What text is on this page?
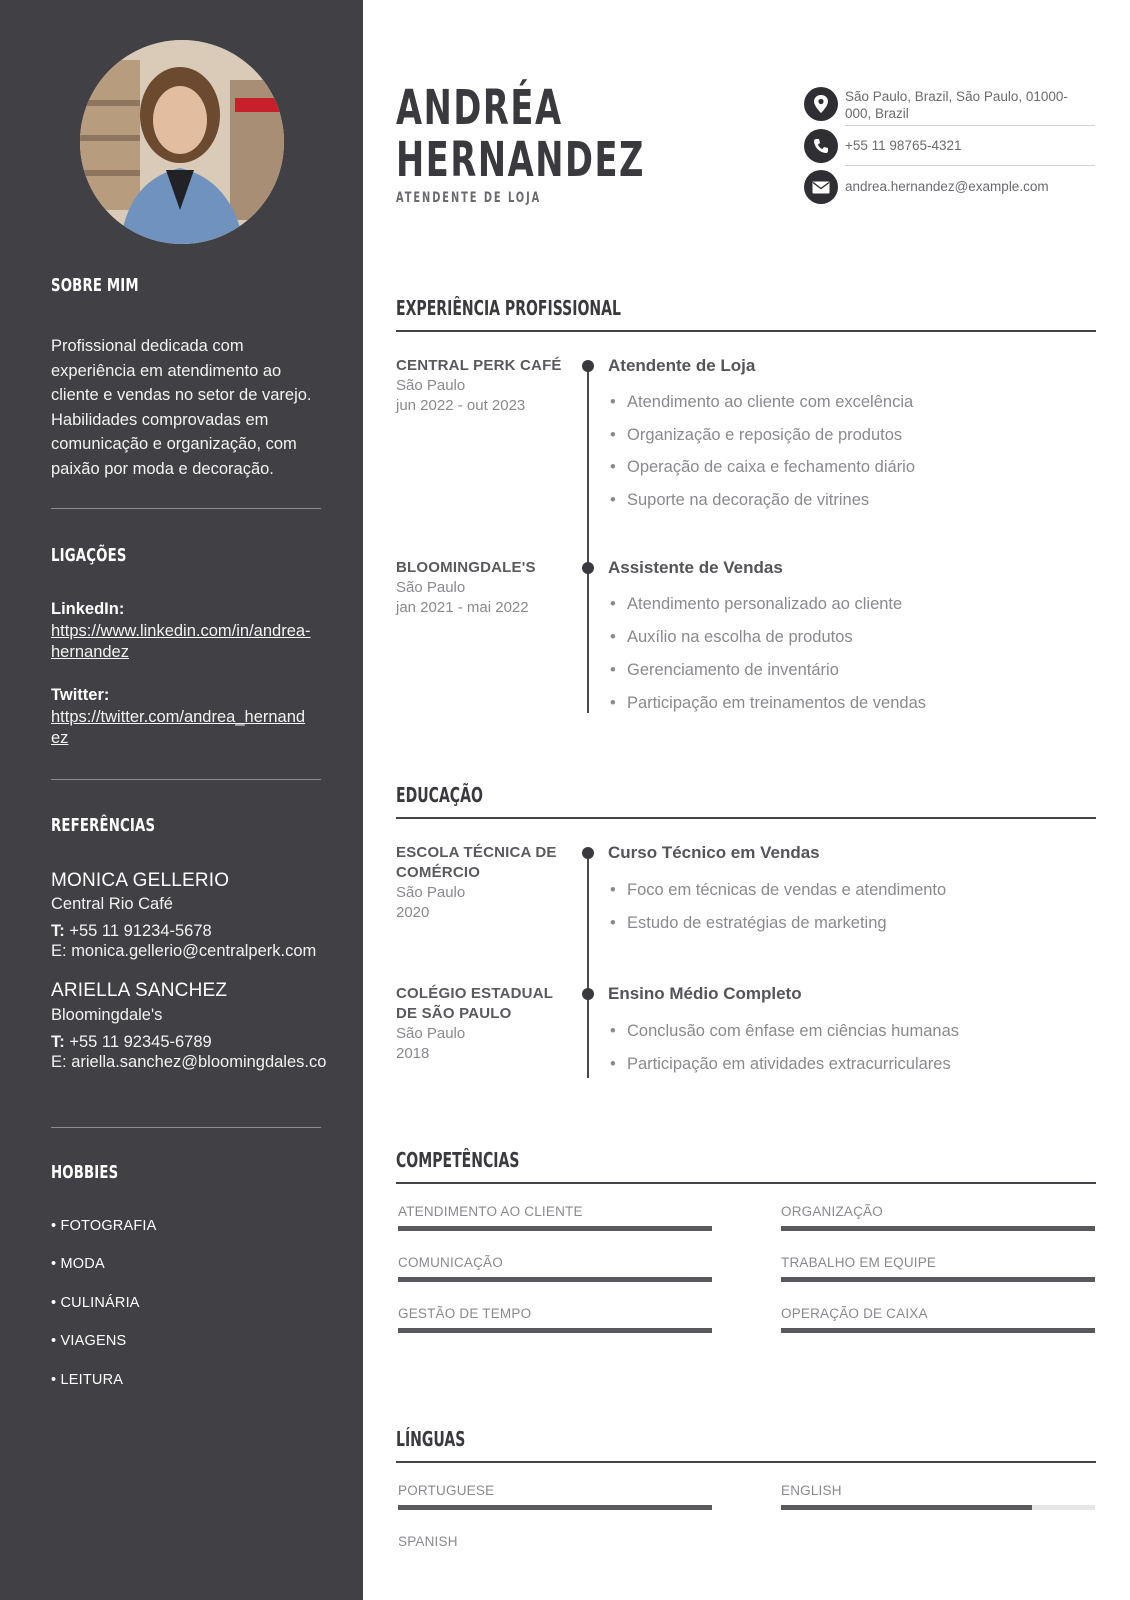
SOBRE MIM
Profissional dedicada com experiência em atendimento ao cliente e vendas no setor de varejo. Habilidades comprovadas em comunicação e organização, com paixão por moda e decoração.
LIGAÇÕES
LinkedIn:
https://www.linkedin.com/in/andrea-hernandez
Twitter:
https://twitter.com/andrea_hernandez
REFERÊNCIAS
MONICA GELLERIO
Central Rio Café
T: +55 11 91234-5678
E: monica.gellerio@centralperk.com
ARIELLA SANCHEZ
Bloomingdale's
T: +55 11 92345-6789
E: ariella.sanchez@bloomingdales.co
HOBBIES
• FOTOGRAFIA
• MODA
• CULINÁRIA
• VIAGENS
• LEITURA
ANDRÉA
HERNANDEZ
ATENDENTE DE LOJA
São Paulo, Brazil, São Paulo, 01000-000, Brazil
+55 11 98765-4321
andrea.hernandez@example.com
EXPERIÊNCIA PROFISSIONAL
CENTRAL PERK CAFÉ
São Paulo
jun 2022 - out 2023
Atendente de Loja
• Atendimento ao cliente com excelência
• Organização e reposição de produtos
• Operação de caixa e fechamento diário
• Suporte na decoração de vitrines
BLOOMINGDALE'S
São Paulo
jan 2021 - mai 2022
Assistente de Vendas
• Atendimento personalizado ao cliente
• Auxílio na escolha de produtos
• Gerenciamento de inventário
• Participação em treinamentos de vendas
EDUCAÇÃO
ESCOLA TÉCNICA DE COMÉRCIO
São Paulo
2020
Curso Técnico em Vendas
• Foco em técnicas de vendas e atendimento
• Estudo de estratégias de marketing
COLÉGIO ESTADUAL DE SÃO PAULO
São Paulo
2018
Ensino Médio Completo
• Conclusão com ênfase em ciências humanas
• Participação em atividades extracurriculares
COMPETÊNCIAS
ATENDIMENTO AO CLIENTE	ORGANIZAÇÃO
COMUNICAÇÃO	TRABALHO EM EQUIPE
GESTÃO DE TEMPO	OPERAÇÃO DE CAIXA
LÍNGUAS
PORTUGUESE	ENGLISH
SPANISH
